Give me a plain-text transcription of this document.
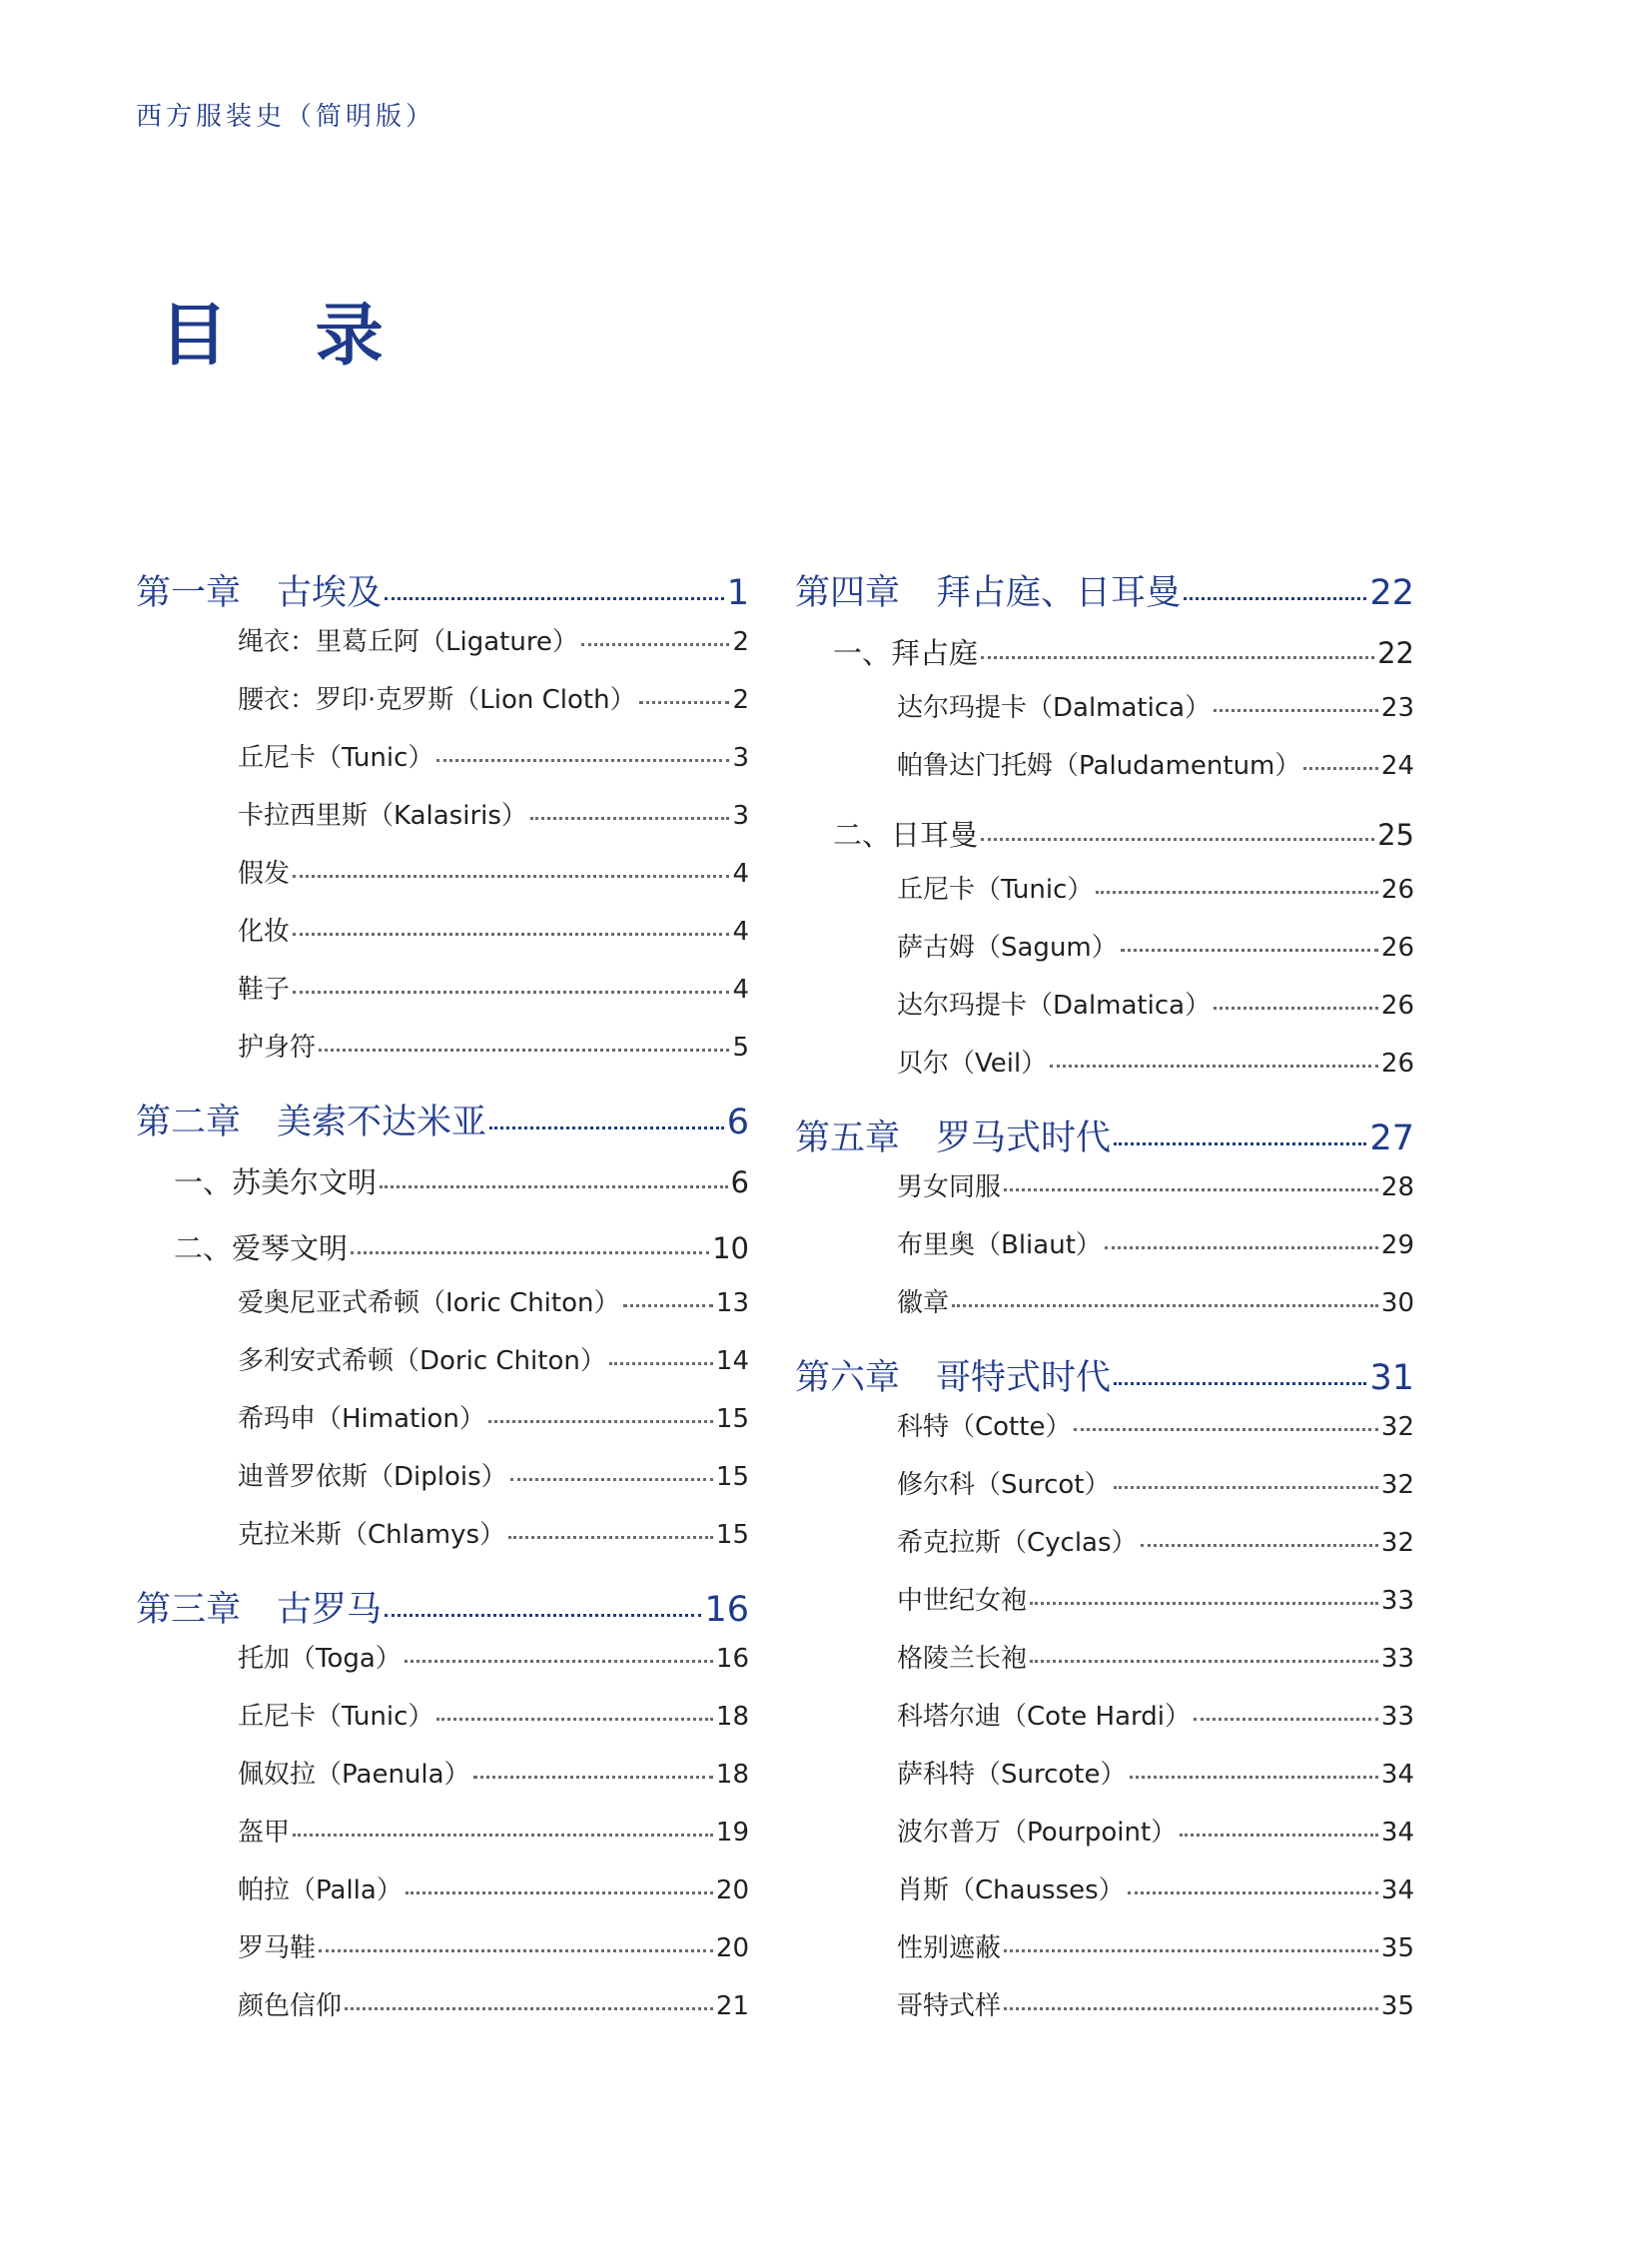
西方服装史（简明版）
目 录
第一章 古埃及	1
绳衣：里葛丘阿（Ligature）	2
腰衣：罗印·克罗斯（Lion Cloth）	2
丘尼卡（Tunic）	3
卡拉西里斯（Kalasiris）	3
假发	4
化妆	4
鞋子	4
护身符	5
第二章 美索不达米亚	6
一、苏美尔文明	6
二、爱琴文明	10
爱奥尼亚式希顿（Ioric Chiton）	13
多利安式希顿（Doric Chiton）	14
希玛申（Himation）	15
迪普罗依斯（Diplois）	15
克拉米斯（Chlamys）	15
第三章 古罗马	16
托加（Toga）	16
丘尼卡（Tunic）	18
佩奴拉（Paenula）	18
盔甲	19
帕拉（Palla）	20
罗马鞋	20
颜色信仰	21
第四章 拜占庭、日耳曼	22
一、拜占庭	22
达尔玛提卡（Dalmatica）	23
帕鲁达门托姆（Paludamentum）	24
二、日耳曼	25
丘尼卡（Tunic）	26
萨古姆（Sagum）	26
达尔玛提卡（Dalmatica）	26
贝尔（Veil）	26
第五章 罗马式时代	27
男女同服	28
布里奥（Bliaut）	29
徽章	30
第六章 哥特式时代	31
科特（Cotte）	32
修尔科（Surcot）	32
希克拉斯（Cyclas）	32
中世纪女袍	33
格陵兰长袍	33
科塔尔迪（Cote Hardi）	33
萨科特（Surcote）	34
波尔普万（Pourpoint）	34
肖斯（Chausses）	34
性别遮蔽	35
哥特式样	35
